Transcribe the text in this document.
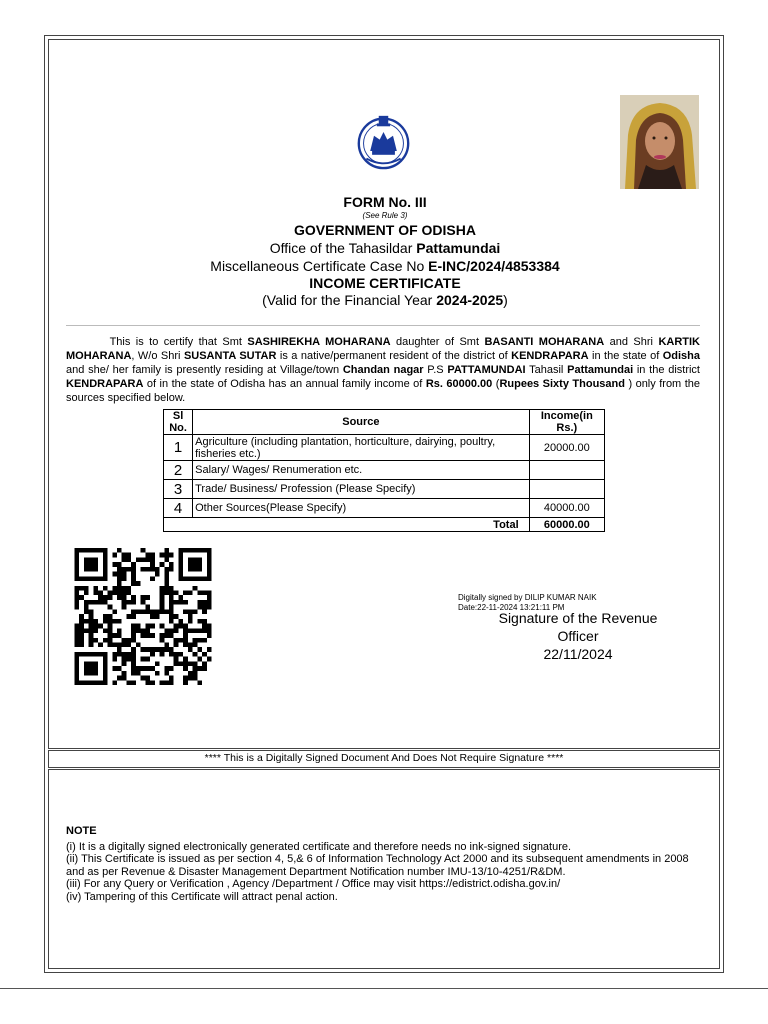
FORM No. III
(See Rule 3)
GOVERNMENT OF ODISHA
Office of the Tahasildar Pattamundai
Miscellaneous Certificate Case No E-INC/2024/4853384
INCOME CERTIFICATE
(Valid for the Financial Year 2024-2025)
This is to certify that Smt SASHIREKHA MOHARANA daughter of Smt BASANTI MOHARANA and Shri KARTIK MOHARANA, W/o Shri SUSANTA SUTAR is a native/permanent resident of the district of KENDRAPARA in the state of Odisha and she/ her family is presently residing at Village/town Chandan nagar P.S PATTAMUNDAI Tahasil Pattamundai in the district KENDRAPARA of in the state of Odisha has an annual family income of Rs. 60000.00 (Rupees Sixty Thousand ) only from the sources specified below.
Sl No.	Source	Income(in Rs.)
1	Agriculture (including plantation, horticulture, dairying, poultry, fisheries etc.)	20000.00
2	Salary/ Wages/ Renumeration etc.	
3	Trade/ Business/ Profession (Please Specify)	
4	Other Sources(Please Specify)	40000.00
Total		60000.00
Digitally signed by DILIP KUMAR NAIK
Date:22-11-2024 13:21:11 PM
Signature of the Revenue
Officer
22/11/2024
**** This is a Digitally Signed Document And Does Not Require Signature ****
NOTE
(i) It is a digitally signed electronically generated certificate and therefore needs no ink-signed signature.
(ii) This Certificate is issued as per section 4, 5,& 6 of Information Technology Act 2000 and its subsequent amendments in 2008 and as per Revenue & Disaster Management Department Notification number IMU-13/10-4251/R&DM.
(iii) For any Query or Verification , Agency /Department / Office may visit https://edistrict.odisha.gov.in/
(iv) Tampering of this Certificate will attract penal action.
